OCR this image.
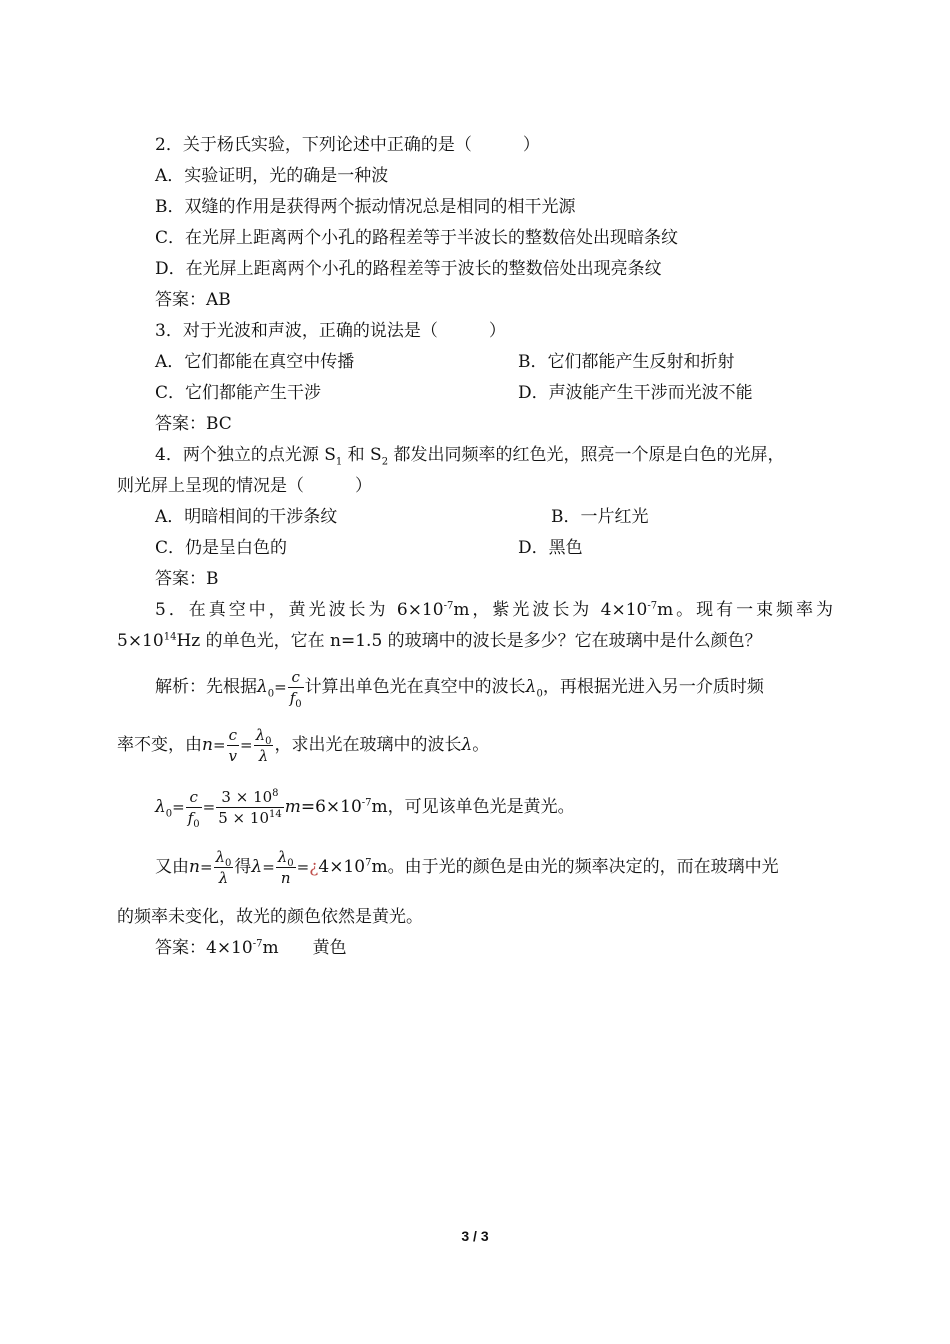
2．关于杨氏实验，下列论述中正确的是（　　　）
A．实验证明，光的确是一种波
B．双缝的作用是获得两个振动情况总是相同的相干光源
C．在光屏上距离两个小孔的路程差等于半波长的整数倍处出现暗条纹
D．在光屏上距离两个小孔的路程差等于波长的整数倍处出现亮条纹
答案：AB
3．对于光波和声波，正确的说法是（　　　）
A．它们都能在真空中传播	B．它们都能产生反射和折射
C．它们都能产生干涉	D．声波能产生干涉而光波不能
答案：BC
4．两个独立的点光源 $S_1$ 和 $S_2$ 都发出同频率的红色光，照亮一个原是白色的光屏，
则光屏上呈现的情况是（　　　）
A．明暗相间的干涉条纹	B．一片红光
C．仍是呈白色的	D．黑色
答案：B
5．在真空中，黄光波长为 $6\times 10^{-7}m$，紫光波长为 $4\times 10^{-7}m$。现有一束频率为
$5\times 10^{14}Hz$ 的单色光，它在 n=1.5 的玻璃中的波长是多少？它在玻璃中是什么颜色？
解析：先根据$\lambda_0= \frac{c}{f_0}$ 计算出单色光在真空中的波长$\lambda_0$，再根据光进入另一介质时频
率不变，由$n= \frac{c}{v} = \frac{\lambda_0}{\lambda}$ ，求出光在玻璃中的波长λ。
$\lambda_0= \frac{c}{f_0} = \frac{3 \times 10^8}{5 \times 10^{14}} m=6\times 10^{-7}m$，可见该单色光是黄光。
又由$n= \frac{\lambda_0}{\lambda}$ 得$\lambda= \frac{\lambda_0}{n}$ $=¿4\times 10^7m$。由于光的颜色是由光的频率决定的，而在玻璃中光
的频率未变化，故光的颜色依然是黄光。
答案：$4\times 10^{-7}m$　　黄色
3 / 3
